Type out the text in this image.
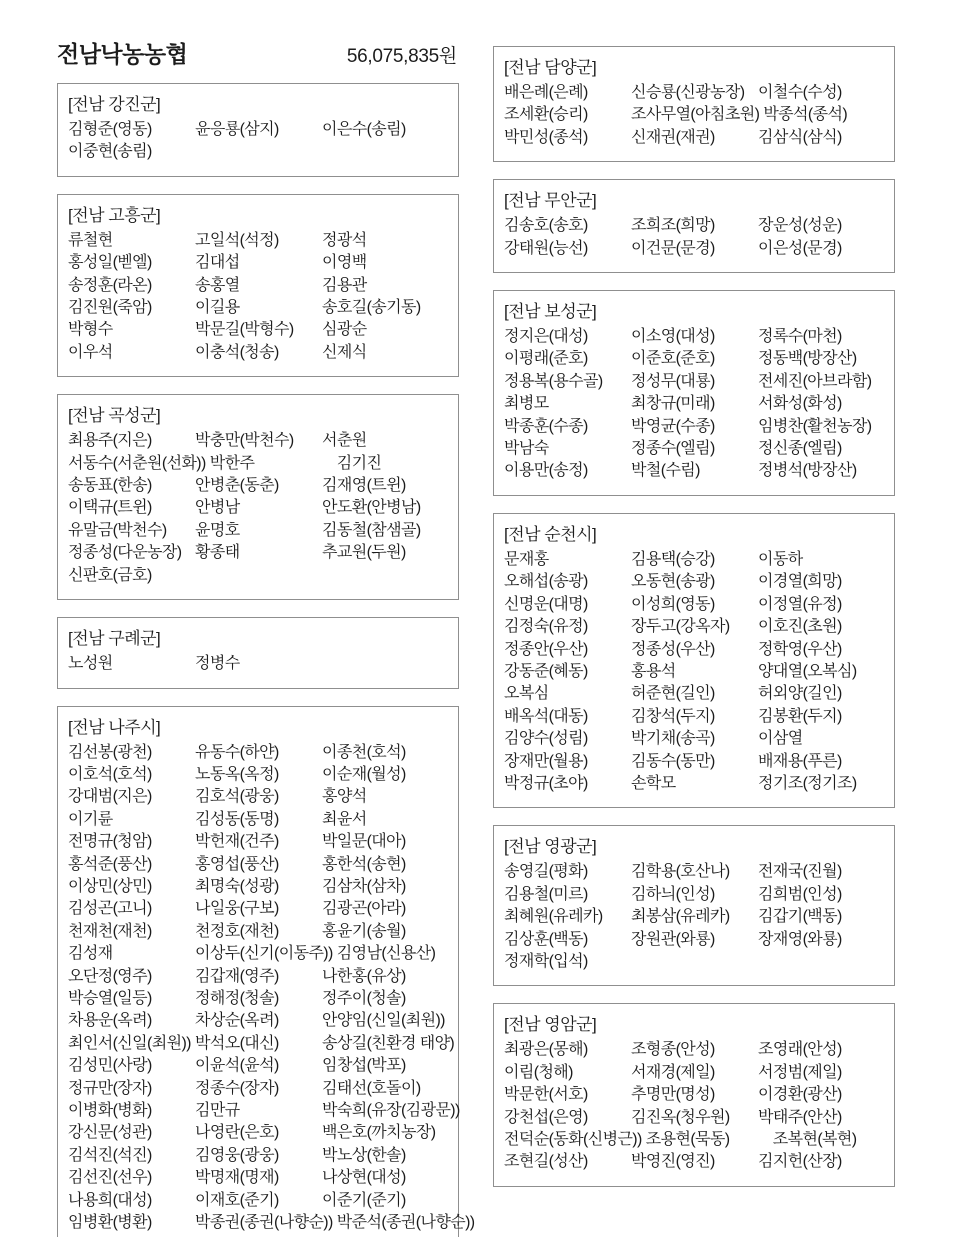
전남낙농농협	56,075,835원
[전남 강진군]
김형준(영동)	윤응룡(삼지)	이은수(송림)
이중현(송림)
[전남 고흥군]
류철현	고일석(석정)	정광석
홍성일(벧엘)	김대섭	이영백
송정훈(라온)	송홍열	김용관
김진원(죽암)	이길용	송호길(송기동)
박형수	박문길(박형수)	심광순
이우석	이충석(청송)	신제식
[전남 곡성군]
최용주(지은)	박충만(박천수)	서춘원
서동수(서춘원(선화)) 박한주	김기진
송동표(한송)	안병춘(동춘)	김재영(트윈)
이택규(트윈)	안병남	안도환(안병남)
유말금(박천수)	윤명호	김동철(참샘골)
정종성(다운농장) 황종태	추교원(두원)
신판호(금호)
[전남 구례군]
노성원	정병수
[전남 나주시]
김선봉(광천)	유동수(하얀)	이종천(호석)
이호석(호석)	노동옥(옥정)	이순재(월성)
강대범(지은)	김호석(광웅)	홍양석
이기륜	김성동(동명)	최윤서
전명규(청암)	박헌재(건주)	박일문(대아)
홍석준(풍산)	홍영섭(풍산)	홍한석(송현)
이상민(상민)	최명숙(성광)	김삼차(삼차)
김성곤(고니)	나일웅(구보)	김광곤(아라)
천재천(재천)	천정호(재천)	홍윤기(송월)
김성재	이상두(신기(이동주)) 김영남(신용산)
오단정(영주)	김갑재(영주)	나한홍(유상)
박승열(일등)	정해정(청솔)	정주이(청솔)
차용운(옥려)	차상순(옥려)	안양임(신일(최원))
최인서(신일(최원)) 박석오(대신)	송상길(친환경 태양)
김성민(사랑)	이윤석(윤석)	임창섭(박포)
정규만(장자)	정종수(장자)	김태선(호돌이)
이병화(병화)	김만규	박숙희(유장(김광문))
강신문(성관)	나영란(은호)	백은호(까치농장)
김석진(석진)	김영웅(광웅)	박노상(한솔)
김선진(선우)	박명재(명재)	나상현(대성)
나용희(대성)	이재호(준기)	이준기(준기)
임병환(병환)	박종권(종권(나향순)) 박준석(종권(나향순))
[전남 담양군]
배은례(은례)	신승룡(신광농장) 이철수(수성)
조세환(승리)	조사무열(아침초원) 박종석(종석)
박민성(종석)	신재권(재권)	김삼식(삼식)
[전남 무안군]
김송호(송호)	조희조(희망)	장운성(성운)
강태원(능선)	이건문(문경)	이은성(문경)
[전남 보성군]
정지은(대성)	이소영(대성)	정록수(마천)
이평래(준호)	이준호(준호)	정동백(방장산)
정용복(용수골)	정성무(대룡)	전세진(아브라함)
최병모	최창규(미래)	서화성(화성)
박종훈(수종)	박영균(수종)	임병찬(활천농장)
박남숙	정종수(엘림)	정신종(엘림)
이용만(송정)	박철(수림)	정병석(방장산)
[전남 순천시]
문재홍	김용택(승강)	이동하
오해섭(송광)	오동현(송광)	이경열(희망)
신명운(대명)	이성희(영동)	이정열(유정)
김정숙(유정)	장두고(강옥자)	이호진(초원)
정종안(우산)	정종성(우산)	정학영(우산)
강동준(혜동)	홍용석	양대열(오복심)
오복심	허준현(길인)	허외양(길인)
배옥석(대동)	김창석(두지)	김봉환(두지)
김양수(성림)	박기채(송곡)	이삼열
장재만(월용)	김동수(동만)	배재용(푸른)
박정규(초야)	손학모	정기조(정기조)
[전남 영광군]
송영길(평화)	김학용(호산나)	전재국(진월)
김용철(미르)	김하늬(인성)	김희범(인성)
최혜원(유레카)	최봉삼(유레카)	김갑기(백동)
김상훈(백동)	장원관(와룡)	장재영(와룡)
정재학(입석)
[전남 영암군]
최광은(몽해)	조형종(안성)	조영래(안성)
이림(청해)	서재경(제일)	서정범(제일)
박문한(서호)	추명만(명성)	이경환(광산)
강천섭(은영)	김진옥(청우원)	박태주(안산)
전덕순(동화(신병근)) 조용현(묵동)	조복현(복현)
조현길(성산)	박영진(영진)	김지헌(산장)
